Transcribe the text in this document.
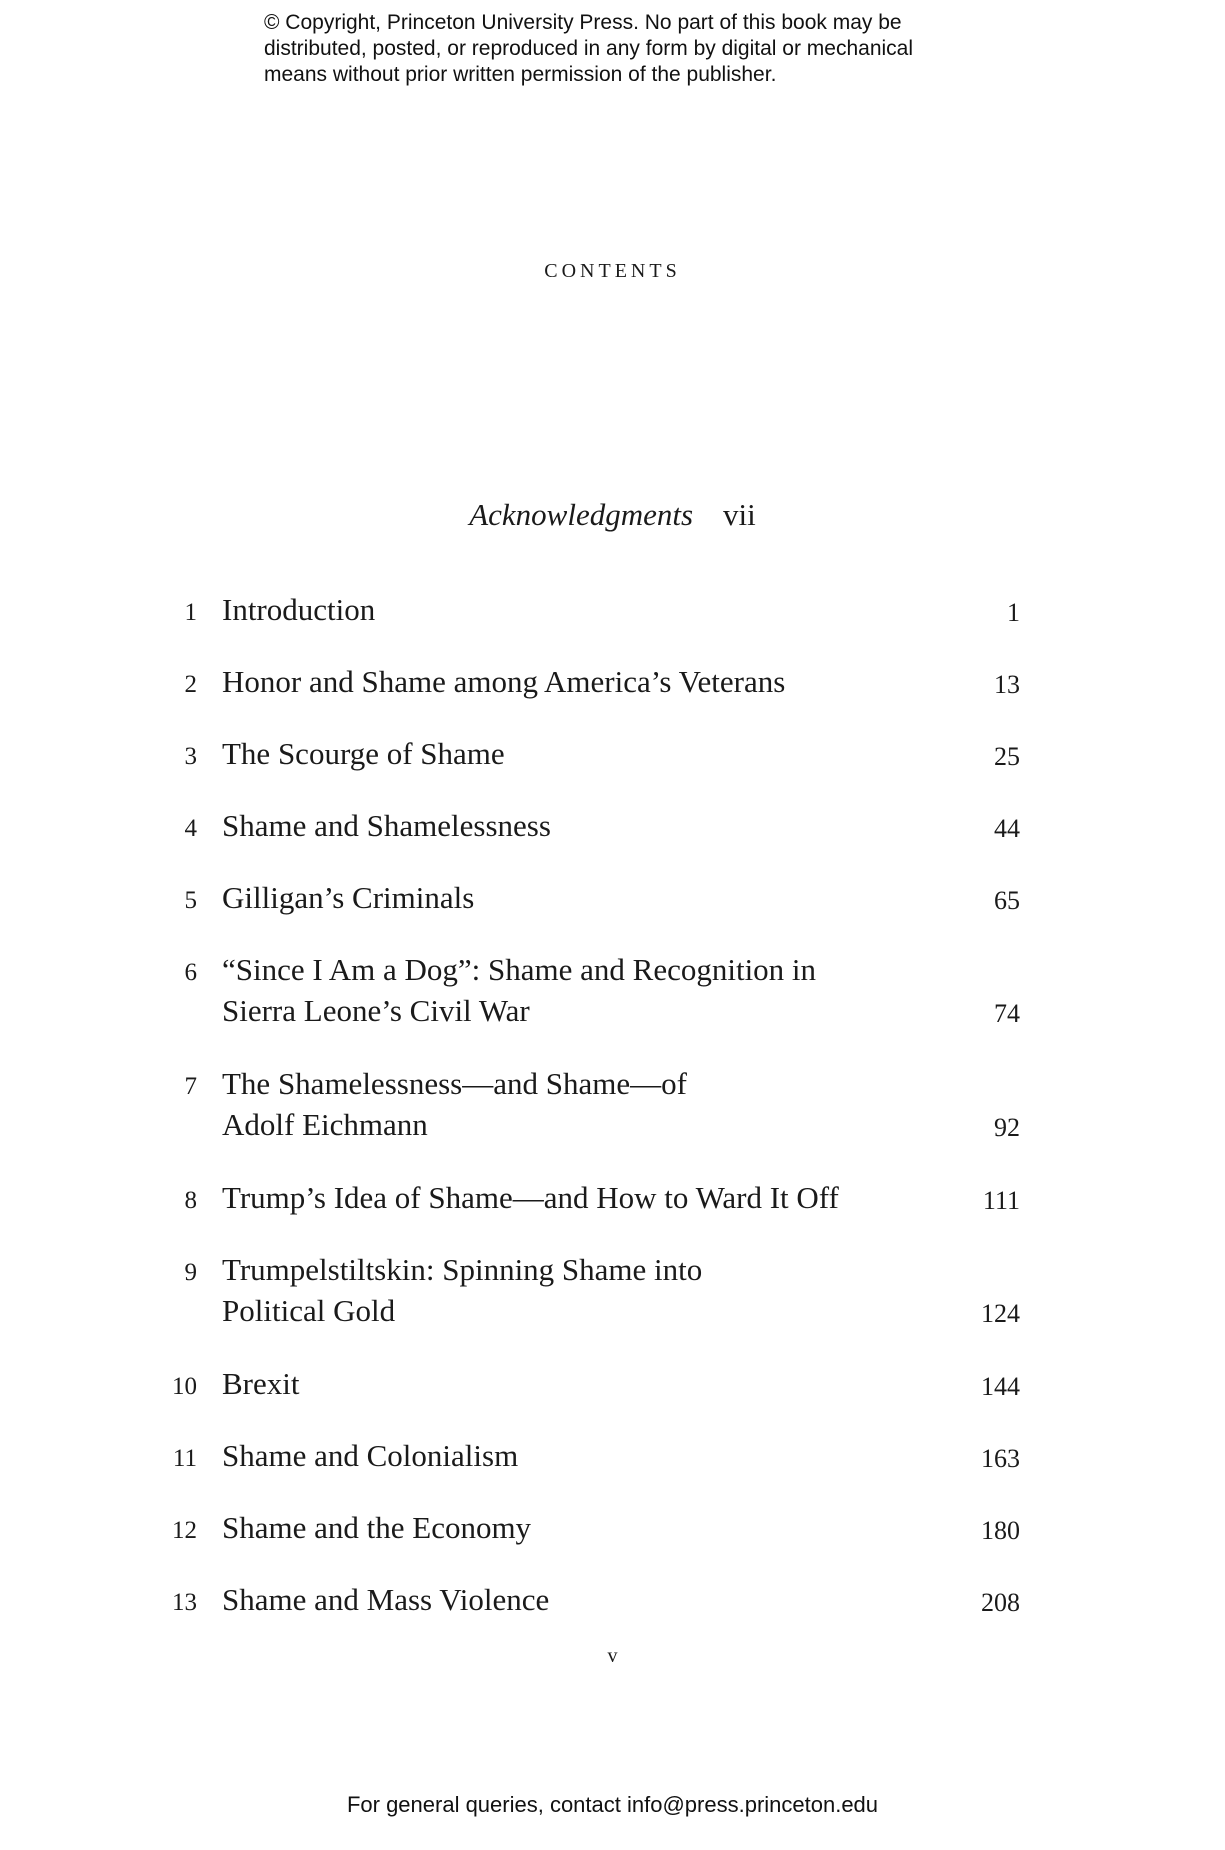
© Copyright, Princeton University Press. No part of this book may be
distributed, posted, or reproduced in any form by digital or mechanical
means without prior written permission of the publisher.
contents
Acknowledgments vii
1 Introduction	1
2 Honor and Shame among America’s Veterans	13
3 The Scourge of Shame	25
4 Shame and Shamelessness	44
5 Gilligan’s Criminals	65
6 “Since I Am a Dog”: Shame and Recognition in
Sierra Leone’s Civil War	74
7 The Shamelessness—and Shame—of
Adolf Eichmann	92
8 Trump’s Idea of Shame—and How to Ward It Off	111
9 Trumpelstiltskin: Spinning Shame into
Political Gold	124
10 Brexit	144
11 Shame and Colonialism	163
12 Shame and the Economy	180
13 Shame and Mass Violence	208
v
For general queries, contact info@press.princeton.edu
